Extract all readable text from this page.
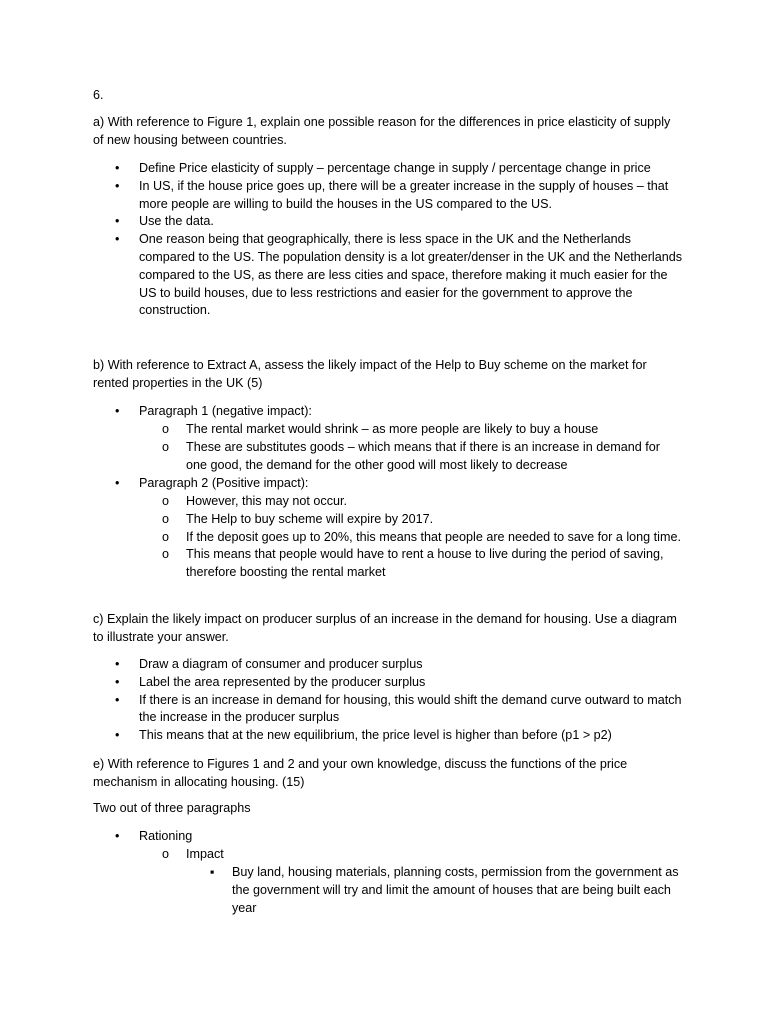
6.

a) With reference to Figure 1, explain one possible reason for the differences in price elasticity of supply of new housing between countries.

•
Define Price elasticity of supply – percentage change in supply / percentage change in price
•
In US, if the house price goes up, there will be a greater increase in the supply of houses – that more people are willing to build the houses in the US compared to the US.
•
Use the data.
•
One reason being that geographically, there is less space in the UK and the Netherlands compared to the US. The population density is a lot greater/denser in the UK and the Netherlands compared to the US, as there are less cities and space, therefore making it much easier for the US to build houses, due to less restrictions and easier for the government to approve the construction.

b) With reference to Extract A, assess the likely impact of the Help to Buy scheme on the market for rented properties in the UK (5)

•
Paragraph 1 (negative impact):
o
The rental market would shrink – as more people are likely to buy a house
o
These are substitutes goods – which means that if there is an increase in demand for one good, the demand for the other good will most likely to decrease
•
Paragraph 2 (Positive impact):
o
However, this may not occur.
o
The Help to buy scheme will expire by 2017.
o
If the deposit goes up to 20%, this means that people are needed to save for a long time.
o
This means that people would have to rent a house to live during the period of saving, therefore boosting the rental market

c) Explain the likely impact on producer surplus of an increase in the demand for housing. Use a diagram to illustrate your answer.

•
Draw a diagram of consumer and producer surplus
•
Label the area represented by the producer surplus
•
If there is an increase in demand for housing, this would shift the demand curve outward to match the increase in the producer surplus
•
This means that at the new equilibrium, the price level is higher than before (p1 > p2)

e) With reference to Figures 1 and 2 and your own knowledge, discuss the functions of the price mechanism in allocating housing. (15)

Two out of three paragraphs

•
Rationing
o
Impact
▪
Buy land, housing materials, planning costs, permission from the government as the government will try and limit the amount of houses that are being built each year
